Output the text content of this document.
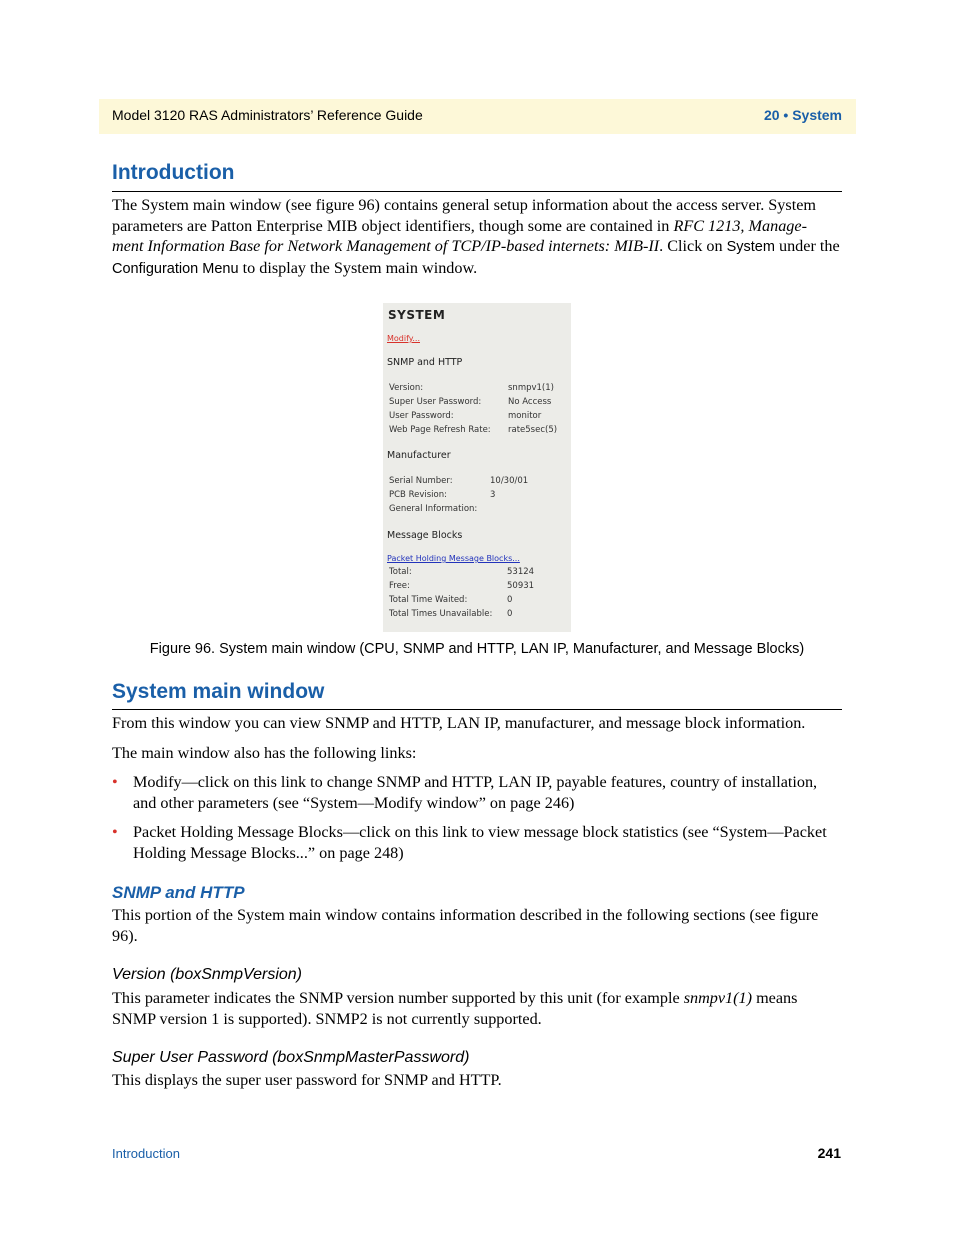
Model 3120 RAS Administrators’ Reference Guide	20 • System
Introduction

The System main window (see figure 96) contains general setup information about the access server. System parameters are Patton Enterprise MIB object identifiers, though some are contained in RFC 1213, Manage- ment Information Base for Network Management of TCP/IP-based internets: MIB-II. Click on System under the Configuration Menu to display the System main window.

SYSTEM
Modify...
SNMP and HTTP
Version:	snmpv1(1)
Super User Password:	No Access
User Password:	monitor
Web Page Refresh Rate: rate5sec(5)
Manufacturer
Serial Number:	10/30/01
PCB Revision:	3
General Information:
Message Blocks
Packet Holding Message Blocks...
Total:	53124
Free:	50931
Total Time Waited:	0
Total Times Unavailable: 0
Figure 96. System main window (CPU, SNMP and HTTP, LAN IP, Manufacturer, and Message Blocks)
System main window

From this window you can view SNMP and HTTP, LAN IP, manufacturer, and message block information.

The main window also has the following links:

• Modify—click on this link to change SNMP and HTTP, LAN IP, payable features, country of installation, and other parameters (see “System—Modify window” on page 246)
• Packet Holding Message Blocks—click on this link to view message block statistics (see “System—Packet Holding Message Blocks...” on page 248)
SNMP and HTTP

This portion of the System main window contains information described in the following sections (see figure 96).

Version (boxSnmpVersion)

This parameter indicates the SNMP version number supported by this unit (for example snmpv1(1) means SNMP version 1 is supported). SNMP2 is not currently supported.

Super User Password (boxSnmpMasterPassword)

This displays the super user password for SNMP and HTTP.

Introduction	241
